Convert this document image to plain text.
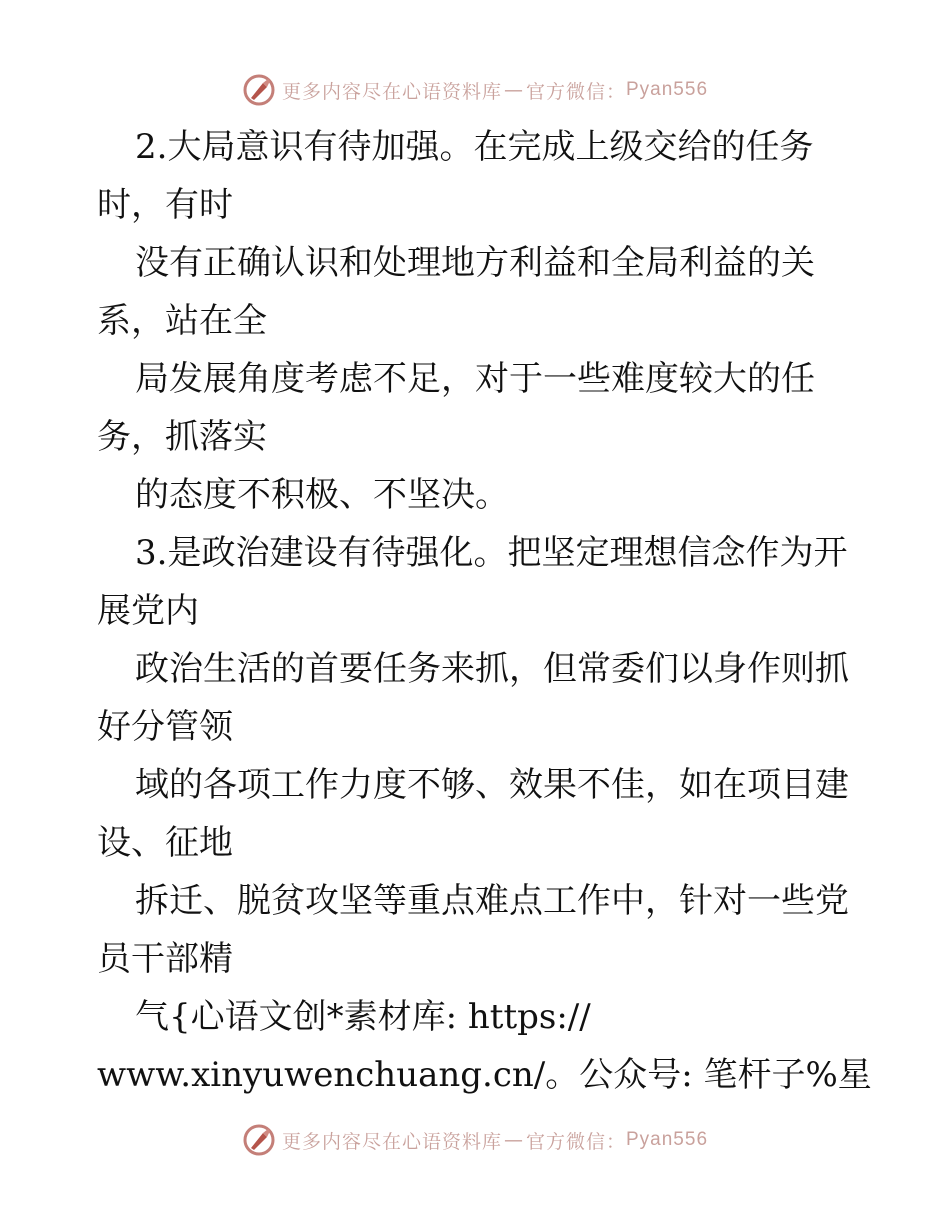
更多内容尽在心语资料库 — 官方微信： Pyan556
2.大局意识有待加强。在完成上级交给的任务
时，有时
没有正确认识和处理地方利益和全局利益的关
系，站在全
局发展角度考虑不足，对于一些难度较大的任
务，抓落实
的态度不积极、不坚决。
3.是政治建设有待强化。把坚定理想信念作为开
展党内
政治生活的首要任务来抓，但常委们以身作则抓
好分管领
域的各项工作力度不够、效果不佳，如在项目建
设、征地
拆迁、脱贫攻坚等重点难点工作中，针对一些党
员干部精
气{心语文创*素材库: https://
www.xinyuwenchuang.cn/。公众号: 笔杆子%星
更多内容尽在心语资料库 — 官方微信： Pyan556
